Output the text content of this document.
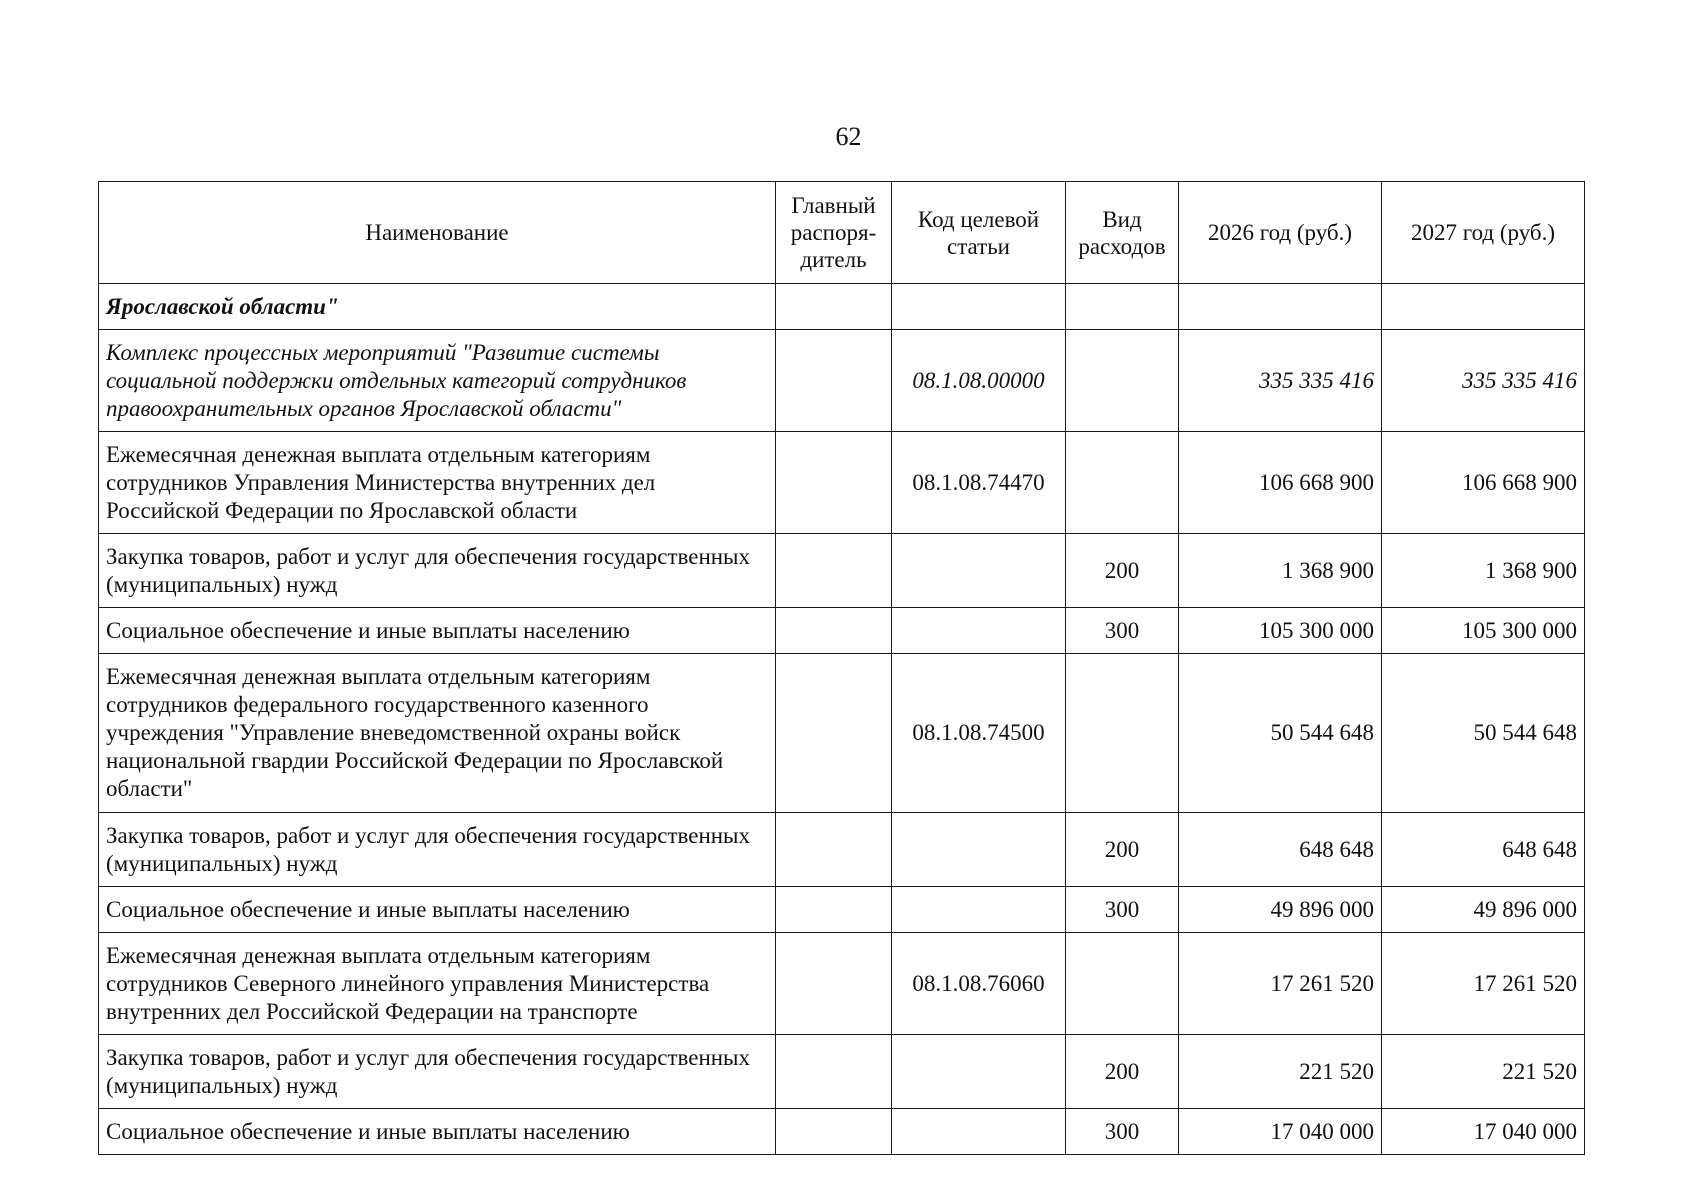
62
Наименование	Главный распоря-дитель	Код целевой статьи	Вид расходов	2026 год (руб.)	2027 год (руб.)
Ярославской области"					
Комплекс процессных мероприятий "Развитие системы социальной поддержки отдельных категорий сотрудников правоохранительных органов Ярославской области"		08.1.08.00000		335 335 416	335 335 416
Ежемесячная денежная выплата отдельным категориям сотрудников Управления Министерства внутренних дел Российской Федерации по Ярославской области		08.1.08.74470		106 668 900	106 668 900
Закупка товаров, работ и услуг для обеспечения государственных (муниципальных) нужд			200	1 368 900	1 368 900
Социальное обеспечение и иные выплаты населению			300	105 300 000	105 300 000
Ежемесячная денежная выплата отдельным категориям сотрудников федерального государственного казенного учреждения "Управление вневедомственной охраны войск национальной гвардии Российской Федерации по Ярославской области"		08.1.08.74500		50 544 648	50 544 648
Закупка товаров, работ и услуг для обеспечения государственных (муниципальных) нужд			200	648 648	648 648
Социальное обеспечение и иные выплаты населению			300	49 896 000	49 896 000
Ежемесячная денежная выплата отдельным категориям сотрудников Северного линейного управления Министерства внутренних дел Российской Федерации на транспорте		08.1.08.76060		17 261 520	17 261 520
Закупка товаров, работ и услуг для обеспечения государственных (муниципальных) нужд			200	221 520	221 520
Социальное обеспечение и иные выплаты населению			300	17 040 000	17 040 000
